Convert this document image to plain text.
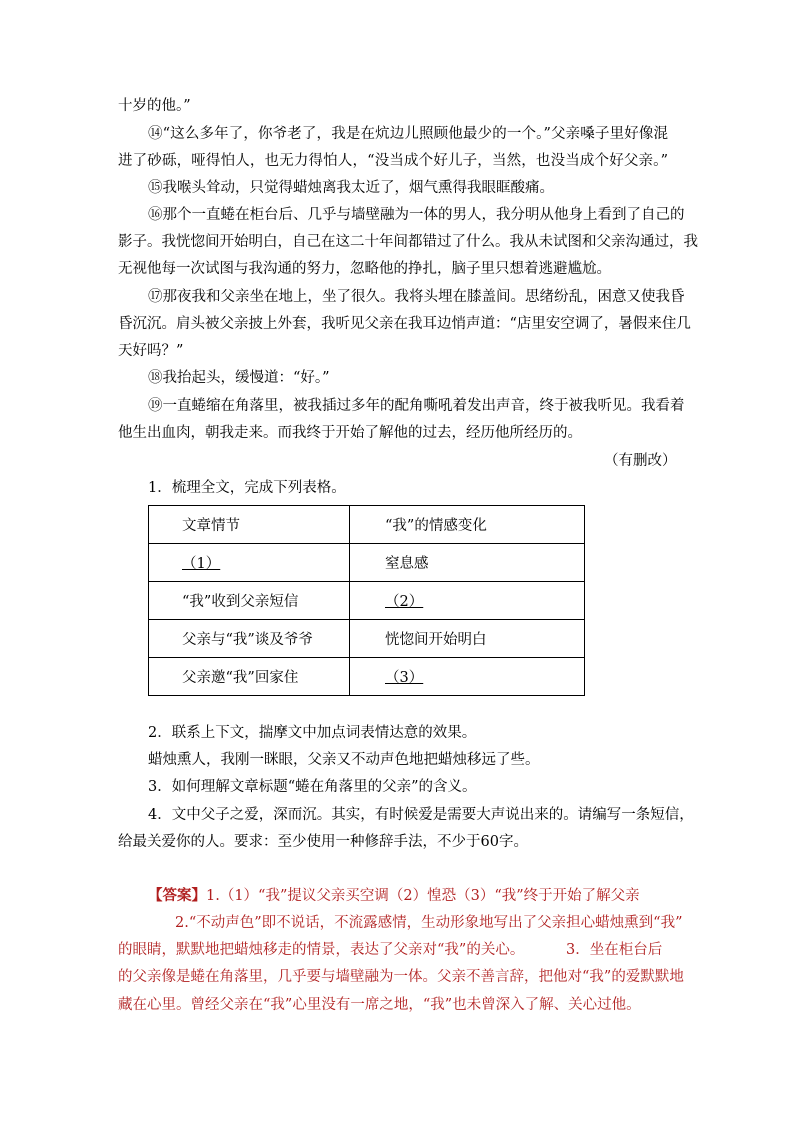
十岁的他。”
⑭“这么多年了，你爷老了，我是在炕边儿照顾他最少的一个。”父亲嗓子里好像混
进了砂砾，哑得怕人，也无力得怕人，“没当成个好儿子，当然，也没当成个好父亲。”
⑮我喉头耸动，只觉得蜡烛离我太近了，烟气熏得我眼眶酸痛。
⑯那个一直蜷在柜台后、几乎与墙壁融为一体的男人，我分明从他身上看到了自己的
影子。我恍惚间开始明白，自己在这二十年间都错过了什么。我从未试图和父亲沟通过，我
无视他每一次试图与我沟通的努力，忽略他的挣扎，脑子里只想着逃避尴尬。
⑰那夜我和父亲坐在地上，坐了很久。我将头埋在膝盖间。思绪纷乱，困意又使我昏
昏沉沉。肩头被父亲披上外套，我听见父亲在我耳边悄声道：“店里安空调了，暑假来住几
天好吗？”
⑱我抬起头，缓慢道：“好。”
⑲一直蜷缩在角落里，被我插过多年的配角嘶吼着发出声音，终于被我听见。我看着
他生出血肉，朝我走来。而我终于开始了解他的过去，经历他所经历的。
（有删改）
1．梳理全文，完成下列表格。
文章情节	“我”的情感变化
（1）	窒息感
“我”收到父亲短信	（2）
父亲与“我”谈及爷爷	恍惚间开始明白
父亲邀“我”回家住	（3）
2．联系上下文，揣摩文中加点词表情达意的效果。
蜡烛熏人，我刚一眯眼，父亲又不动声色地把蜡烛移远了些。
3．如何理解文章标题“蜷在角落里的父亲”的含义。
4．文中父子之爱，深而沉。其实，有时候爱是需要大声说出来的。请编写一条短信，
给最关爱你的人。要求：至少使用一种修辞手法，不少于60字。
【答案】1.（1）“我”提议父亲买空调（2）惶恐（3）“我”终于开始了解父亲
2.“不动声色”即不说话，不流露感情，生动形象地写出了父亲担心蜡烛熏到“我”
的眼睛，默默地把蜡烛移走的情景，表达了父亲对“我”的关心。	3．坐在柜台后
的父亲像是蜷在角落里，几乎要与墙壁融为一体。父亲不善言辞，把他对“我”的爱默默地
藏在心里。曾经父亲在“我”心里没有一席之地，“我”也未曾深入了解、关心过他。
